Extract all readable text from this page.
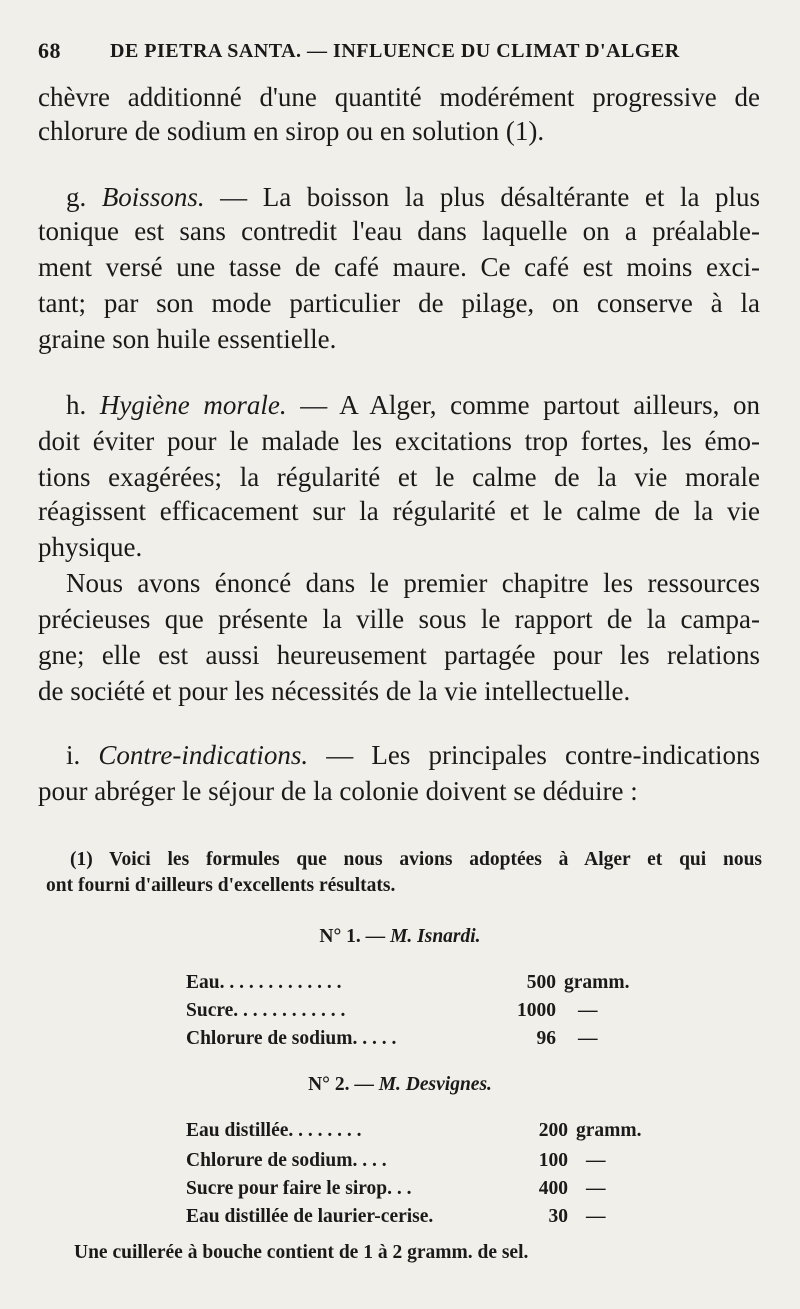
68 DE PIETRA SANTA. — INFLUENCE DU CLIMAT D'ALGER
chèvre additionné d'une quantité modérément progressive de
chlorure de sodium en sirop ou en solution (1).
g. Boissons. — La boisson la plus désaltérante et la plus
tonique est sans contredit l'eau dans laquelle on a préalable-
ment versé une tasse de café maure. Ce café est moins exci-
tant; par son mode particulier de pilage, on conserve à la
graine son huile essentielle.
h. Hygiène morale. — A Alger, comme partout ailleurs, on
doit éviter pour le malade les excitations trop fortes, les émo-
tions exagérées; la régularité et le calme de la vie morale
réagissent efficacement sur la régularité et le calme de la vie
physique.
Nous avons énoncé dans le premier chapitre les ressources
précieuses que présente la ville sous le rapport de la campa-
gne; elle est aussi heureusement partagée pour les relations
de société et pour les nécessités de la vie intellectuelle.
i. Contre-indications. — Les principales contre-indications
pour abréger le séjour de la colonie doivent se déduire :
(1) Voici les formules que nous avions adoptées à Alger et qui nous
ont fourni d'ailleurs d'excellents résultats.
N° 1. — M. Isnardi.
Eau. . . . . . . . . . . . .	500 gramm.
Sucre. . . . . . . . . . . .	1000 —
Chlorure de sodium. . . . .	96 —
N° 2. — M. Desvignes.
Eau distillée. . . . . . . .	200 gramm.
Chlorure de sodium. . . .	100 —
Sucre pour faire le sirop. . .	400 —
Eau distillée de laurier-cerise.	30 —
Une cuillerée à bouche contient de 1 à 2 gramm. de sel.
